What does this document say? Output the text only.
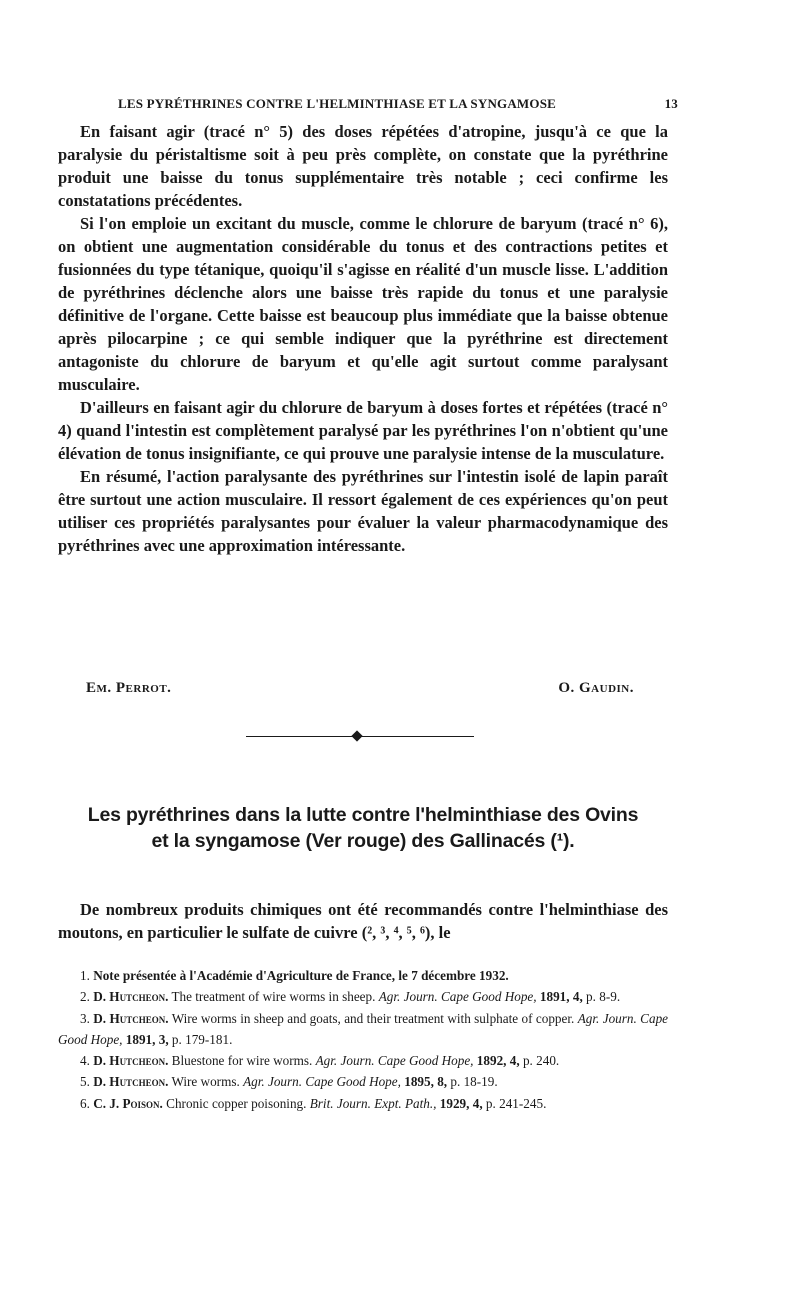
LES PYRÉTHRINES CONTRE L'HELMINTHIASE ET LA SYNGAMOSE	13

En faisant agir (tracé n° 5) des doses répétées d'atropine, jusqu'à ce que la paralysie du péristaltisme soit à peu près complète, on constate que la pyréthrine produit une baisse du tonus supplémentaire très notable ; ceci confirme les constatations précédentes.

Si l'on emploie un excitant du muscle, comme le chlorure de baryum (tracé n° 6), on obtient une augmentation considérable du tonus et des contractions petites et fusionnées du type tétanique, quoiqu'il s'agisse en réalité d'un muscle lisse. L'addition de pyréthrines déclenche alors une baisse très rapide du tonus et une paralysie définitive de l'organe. Cette baisse est beaucoup plus immédiate que la baisse obtenue après pilocarpine ; ce qui semble indiquer que la pyréthrine est directement antagoniste du chlorure de baryum et qu'elle agit surtout comme paralysant musculaire.

D'ailleurs en faisant agir du chlorure de baryum à doses fortes et répétées (tracé n° 4) quand l'intestin est complètement paralysé par les pyréthrines l'on n'obtient qu'une élévation de tonus insignifiante, ce qui prouve une paralysie intense de la musculature.

En résumé, l'action paralysante des pyréthrines sur l'intestin isolé de lapin paraît être surtout une action musculaire. Il ressort également de ces expériences qu'on peut utiliser ces propriétés paralysantes pour évaluer la valeur pharmacodynamique des pyréthrines avec une approximation intéressante.

Em. Perrot.	O. Gaudin.
Les pyréthrines dans la lutte contre l'helminthiase des Ovins
et la syngamose (Ver rouge) des Gallinacés (¹).

De nombreux produits chimiques ont été recommandés contre l'helminthiase des moutons, en particulier le sulfate de cuivre (², ³, ⁴, ⁵, ⁶), le

1. Note présentée à l'Académie d'Agriculture de France, le 7 décembre 1932.

2. D. Hutcheon. The treatment of wire worms in sheep. Agr. Journ. Cape Good Hope, 1891, 4, p. 8-9.

3. D. Hutcheon. Wire worms in sheep and goats, and their treatment with sulphate of copper. Agr. Journ. Cape Good Hope, 1891, 3, p. 179-181.

4. D. Hutcheon. Bluestone for wire worms. Agr. Journ. Cape Good Hope, 1892, 4, p. 240.

5. D. Hutcheon. Wire worms. Agr. Journ. Cape Good Hope, 1895, 8, p. 18-19.

6. C. J. Poison. Chronic copper poisoning. Brit. Journ. Expt. Path., 1929, 4, p. 241-245.
